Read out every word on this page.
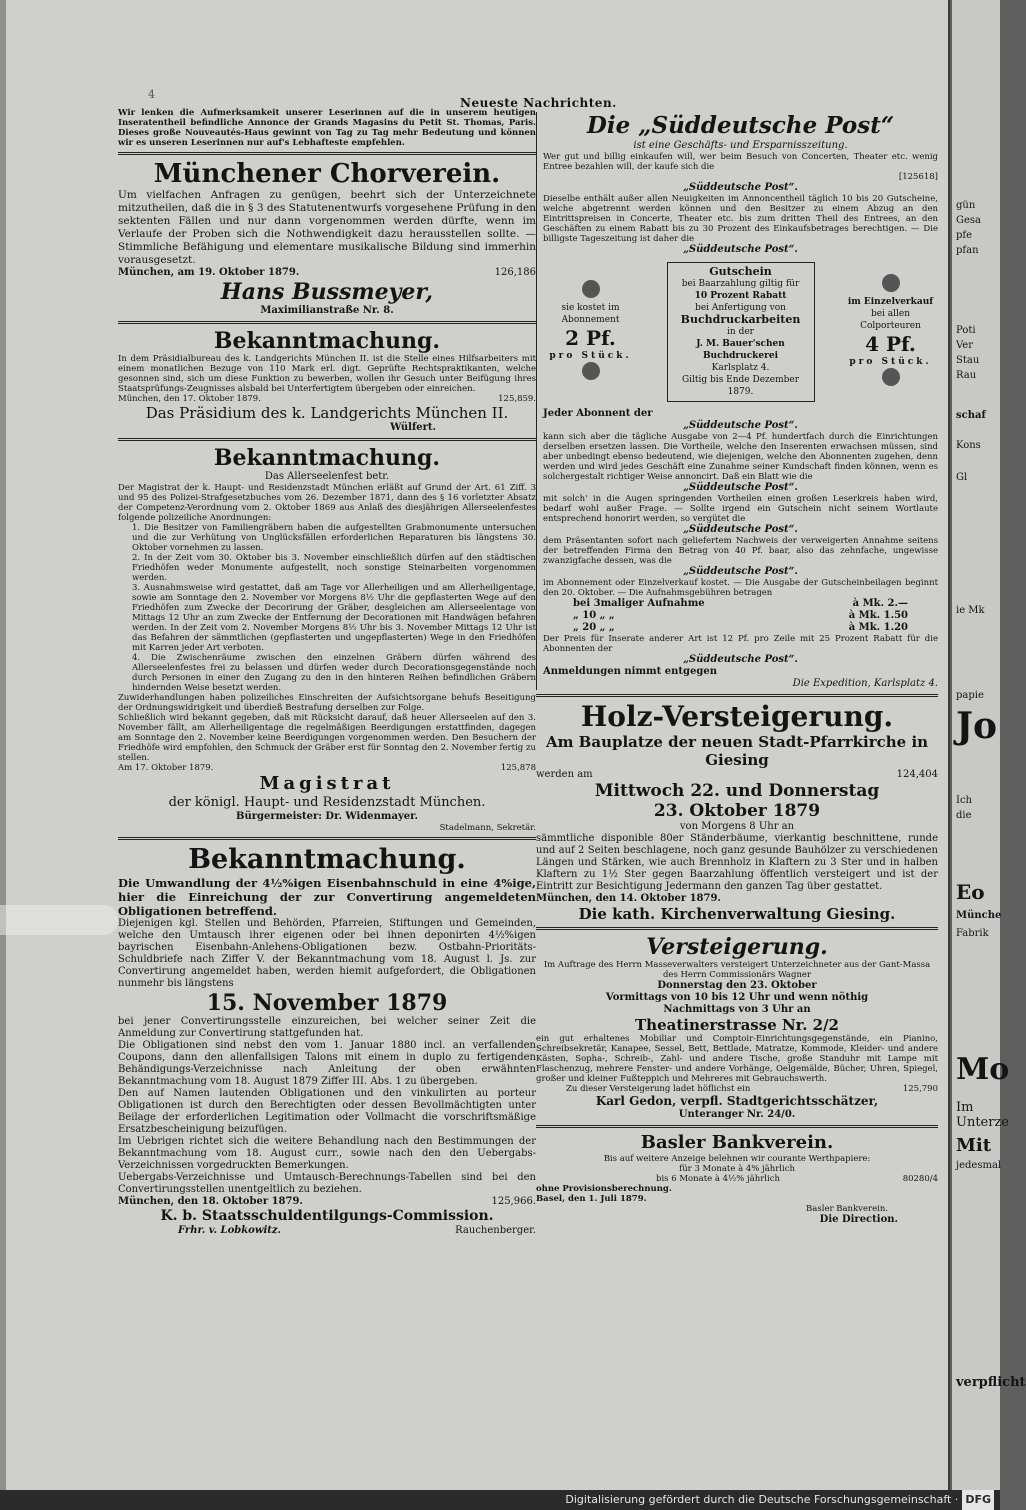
4
Neueste Nachrichten.

Wir lenken die Aufmerksamkeit unserer Leserinnen auf die in unserem heutigen Inseratentheil befindliche Annonce der Grands Magasins du Petit St. Thomas, Paris. Dieses große Nouveautés-Haus gewinnt von Tag zu Tag mehr Bedeutung und können wir es unseren Leserinnen nur auf's Lebhafteste empfehlen.

Münchener Chorverein.

Um vielfachen Anfragen zu genügen, beehrt sich der Unterzeichnete mitzutheilen, daß die in § 3 des Statutenentwurfs vorgesehene Prüfung in den sektenten Fällen und nur dann vorgenommen werden dürfte, wenn im Verlaufe der Proben sich die Nothwendigkeit dazu herausstellen sollte. — Stimmliche Befähigung und elementare musikalische Bildung sind immerhin vorausgesetzt.

München, am 19. Oktober 1879.	126,186

Hans Bussmeyer,

Maximilianstraße Nr. 8.

Bekanntmachung.

In dem Präsidialbureau des k. Landgerichts München II. ist die Stelle eines Hilfsarbeiters mit einem monatlichen Bezuge von 110 Mark erl. digt. Geprüfte Rechtspraktikanten, welche gesonnen sind, sich um diese Funktion zu bewerben, wollen ihr Gesuch unter Beifügung ihres Staatsprüfungs-Zeugnisses alsbald bei Unterfertigtem übergeben oder einreichen.

München, den 17. Oktober 1879.	125,859.

Das Präsidium des k. Landgerichts München II.

Wülfert.

Bekanntmachung.

Das Allerseelenfest betr.

Der Magistrat der k. Haupt- und Residenzstadt München erläßt auf Grund der Art. 61 Ziff. 3 und 95 des Polizei-Strafgesetzbuches vom 26. Dezember 1871, dann des § 16 vorletzter Absatz der Competenz-Verordnung vom 2. Oktober 1869 aus Anlaß des diesjährigen Allerseelenfestes folgende polizeiliche Anordnungen:

1. Die Besitzer von Familiengräbern haben die aufgestellten Grabmonumente untersuchen und die zur Verhütung von Unglücksfällen erforderlichen Reparaturen bis längstens 30. Oktober vornehmen zu lassen.

2. In der Zeit vom 30. Oktober bis 3. November einschließlich dürfen auf den städtischen Friedhöfen weder Monumente aufgestellt, noch sonstige Steinarbeiten vorgenommen werden.

3. Ausnahmsweise wird gestattet, daß am Tage vor Allerheiligen und am Allerheiligentage, sowie am Sonntage den 2. November vor Morgens 8½ Uhr die gepflasterten Wege auf den Friedhöfen zum Zwecke der Decorirung der Gräber, desgleichen am Allerseelentage von Mittags 12 Uhr an zum Zwecke der Entfernung der Decorationen mit Handwägen befahren werden. In der Zeit vom 2. November Morgens 8½ Uhr bis 3. November Mittags 12 Uhr ist das Befahren der sämmtlichen (gepflasterten und ungepflasterten) Wege in den Friedhöfen mit Karren jeder Art verboten.

4. Die Zwischenräume zwischen den einzelnen Gräbern dürfen während des Allerseelenfestes frei zu belassen und dürfen weder durch Decorationsgegenstände noch durch Personen in einer den Zugang zu den in den hinteren Reihen befindlichen Gräbern hindernden Weise besetzt werden.

Zuwiderhandlungen haben polizeiliches Einschreiten der Aufsichtsorgane behufs Beseitigung der Ordnungswidrigkeit und überdieß Bestrafung derselben zur Folge.

Schließlich wird bekannt gegeben, daß mit Rücksicht darauf, daß heuer Allerseelen auf den 3. November fällt, am Allerheiligentage die regelmäßigen Beerdigungen erstattfinden, dagegen am Sonntage den 2. November keine Beerdigungen vorgenommen werden. Den Besuchern der Friedhöfe wird empfohlen, den Schmuck der Gräber erst für Sonntag den 2. November fertig zu stellen.

Am 17. Oktober 1879.	125,878

Magistrat

der königl. Haupt- und Residenzstadt München.

Bürgermeister: Dr. Widenmayer.

Stadelmann, Sekretär.

Bekanntmachung.

Die Umwandlung der 4½%igen Eisenbahnschuld in eine 4%ige, hier die Einreichung der zur Convertirung angemeldeten Obligationen betreffend.

Diejenigen kgl. Stellen und Behörden, Pfarreien, Stiftungen und Gemeinden, welche den Umtausch ihrer eigenen oder bei ihnen deponirten 4½%igen bayrischen Eisenbahn-Anlehens-Obligationen bezw. Ostbahn-Prioritäts-Schuldbriefe nach Ziffer V. der Bekanntmachung vom 18. August l. Js. zur Convertirung angemeldet haben, werden hiemit aufgefordert, die Obligationen nunmehr bis längstens

15. November 1879

bei jener Convertirungsstelle einzureichen, bei welcher seiner Zeit die Anmeldung zur Convertirung stattgefunden hat.

Die Obligationen sind nebst den vom 1. Januar 1880 incl. an verfallenden Coupons, dann den allenfallsigen Talons mit einem in duplo zu fertigenden Behändigungs-Verzeichnisse nach Anleitung der oben erwähnten Bekanntmachung vom 18. August 1879 Ziffer III. Abs. 1 zu übergeben.

Den auf Namen lautenden Obligationen und den vinkulirten au porteur Obligationen ist durch den Berechtigten oder dessen Bevollmächtigten unter Beilage der erforderlichen Legitimation oder Vollmacht die vorschriftsmäßige Ersatzbescheinigung beizufügen.

Im Uebrigen richtet sich die weitere Behandlung nach den Bestimmungen der Bekanntmachung vom 18. August curr., sowie nach den den Uebergabs-Verzeichnissen vorgedruckten Bemerkungen.

Uebergabs-Verzeichnisse und Umtausch-Berechnungs-Tabellen sind bei den Convertirungsstellen unentgeltlich zu beziehen.

München, den 18. Oktober 1879.	125,966.

K. b. Staatsschuldentilgungs-Commission.

Frhr. v. Lobkowitz.	Rauchenberger.

Die „Süddeutsche Post“

ist eine Geschäfts- und Ersparnisszeitung.

Wer gut und billig einkaufen will, wer beim Besuch von Concerten, Theater etc. wenig Entree bezahlen will, der kaufe sich die

[125618]

„Süddeutsche Post“.

Dieselbe enthält außer allen Neuigkeiten im Annoncentheil täglich 10 bis 20 Gutscheine, welche abgetrennt werden können und den Besitzer zu einem Abzug an den Eintrittspreisen in Concerte, Theater etc. bis zum dritten Theil des Entrees, an den Geschäften zu einem Rabatt bis zu 30 Prozent des Einkaufsbetrages berechtigen. — Die billigste Tageszeitung ist daher die

„Süddeutsche Post“.

sie kostet im Abonnement

2 Pf.

pro Stück.

Gutschein

bei Baarzahlung giltig für

10 Prozent Rabatt

bei Anfertigung von

Buchdruckarbeiten

in der

J. M. Bauer'schen Buchdruckerei

Karlsplatz 4.

Giltig bis Ende Dezember 1879.

im Einzelverkauf

bei allen

Colporteuren

4 Pf.

pro Stück.

Jeder Abonnent der

„Süddeutsche Post“.

kann sich aber die tägliche Ausgabe von 2—4 Pf. hundertfach durch die Einrichtungen derselben ersetzen lassen. Die Vortheile, welche den Inserenten erwachsen müssen, sind aber unbedingt ebenso bedeutend, wie diejenigen, welche den Abonnenten zugehen, denn werden und wird jedes Geschäft eine Zunahme seiner Kundschaft finden können, wenn es solchergestalt richtiger Weise annoncirt. Daß ein Blatt wie die

„Süddeutsche Post“.

mit solch' in die Augen springenden Vortheilen einen großen Leserkreis haben wird, bedarf wohl außer Frage. — Sollte irgend ein Gutschein nicht seinem Wortlaute entsprechend honorirt werden, so vergütet die

„Süddeutsche Post“.

dem Präsentanten sofort nach geliefertem Nachweis der verweigerten Annahme seitens der betreffenden Firma den Betrag von 40 Pf. baar, also das zehnfache, ungewisse zwanzigfache dessen, was die

„Süddeutsche Post“.

im Abonnement oder Einzelverkauf kostet. — Die Ausgabe der Gutscheinbeilagen beginnt den 20. Oktober. — Die Aufnahmsgebühren betragen

bei 3maliger Aufnahme	à Mk. 2.—
„ 10 „ „	à Mk. 1.50
„ 20 „ „	à Mk. 1.20

Der Preis für Inserate anderer Art ist 12 Pf. pro Zeile mit 25 Prozent Rabatt für die Abonnenten der

„Süddeutsche Post“.

Anmeldungen nimmt entgegen

Die Expedition, Karlsplatz 4.

Holz-Versteigerung.

Am Bauplatze der neuen Stadt-Pfarrkirche in Giesing

werden am	124,404

Mittwoch 22. und Donnerstag

23. Oktober 1879

von Morgens 8 Uhr an

sämmtliche disponible 80er Ständerbäume, vierkantig beschnittene, runde und auf 2 Seiten beschlagene, noch ganz gesunde Bauhölzer zu verschiedenen Längen und Stärken, wie auch Brennholz in Klaftern zu 3 Ster und in halben Klaftern zu 1½ Ster gegen Baarzahlung öffentlich versteigert und ist der Eintritt zur Besichtigung Jedermann den ganzen Tag über gestattet.

München, den 14. Oktober 1879.

Die kath. Kirchenverwaltung Giesing.

Versteigerung.

Im Auftrage des Herrn Masseverwalters versteigert Unterzeichneter aus der Gant-Massa des Herrn Commissionärs Wagner

Donnerstag den 23. Oktober

Vormittags von 10 bis 12 Uhr und wenn nöthig

Nachmittags von 3 Uhr an

Theatinerstrasse Nr. 2/2

ein gut erhaltenes Mobiliar und Comptoir-Einrichtungsgegenstände, ein Pianino, Schreibsekretär, Kanapee, Sessel, Bett, Bettlade, Matratze, Kommode, Kleider- und andere Kästen, Sopha-, Schreib-, Zahl- und andere Tische, große Standuhr mit Lampe mit Flaschenzug, mehrere Fenster- und andere Vorhänge, Oelgemälde, Bücher, Uhren, Spiegel, großer und kleiner Fußteppich und Mehreres mit Gebrauchswerth.

Zu dieser Versteigerung ladet höflichst ein	125,790

Karl Gedon, verpfl. Stadtgerichtsschätzer,

Unteranger Nr. 24/0.

Basler Bankverein.

Bis auf weitere Anzeige belehnen wir courante Werthpapiere:

für 3 Monate à 4% jährlich

bis 6 Monate à 4½% jährlich	80280/4

ohne Provisionsberechnung.

Basel, den 1. Juli 1879.

Basler Bankverein.

Die Direction.

gün
Gesa
pfe
pfan
Poti
Ver
Stau
Rau
schaf
Kons
Gl
ie Mk
papie
Jo
Ich
die
Eo
Münche
Fabrik
Mo
Im
Unterze
Mit
jedesmal
verpflicht
Digitalisierung gefördert durch die Deutsche Forschungsgemeinschaft · DFG
